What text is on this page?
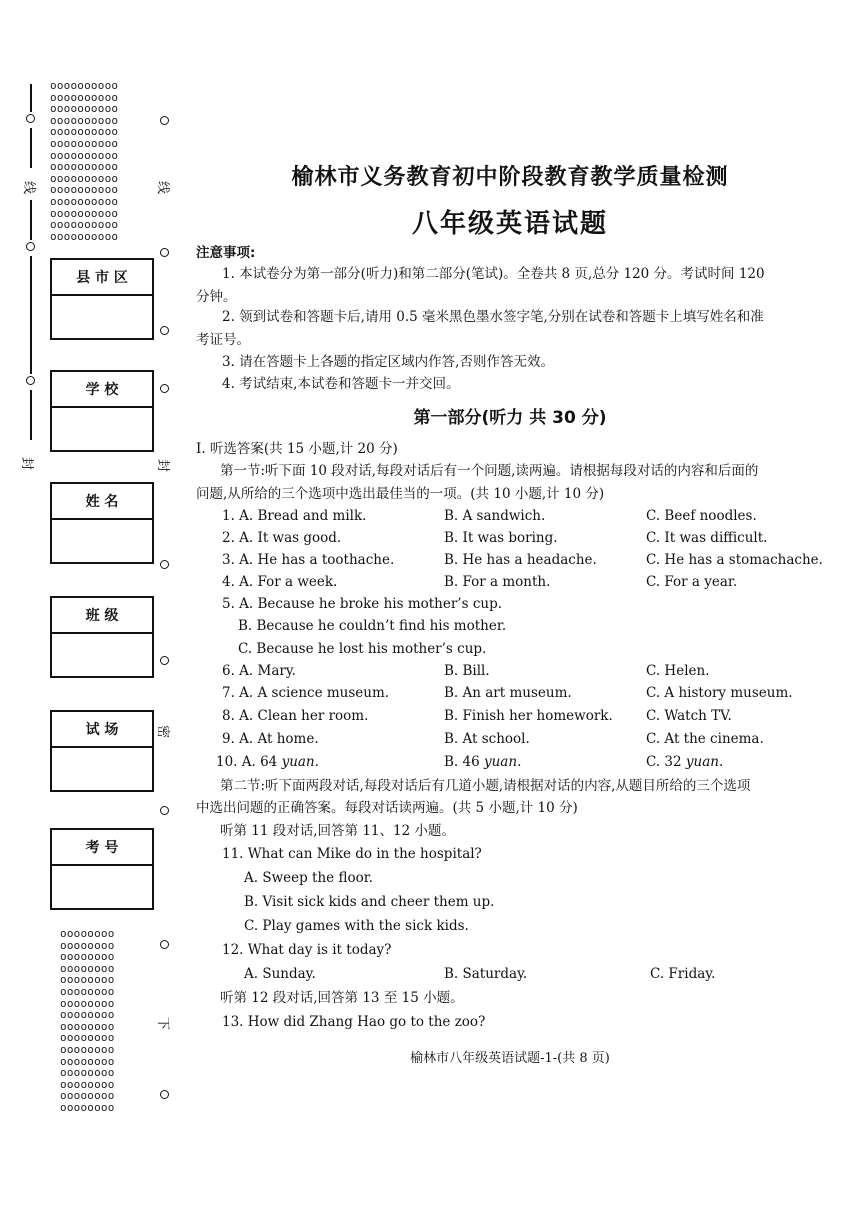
oooooooooo
oooooooooo
oooooooooo
oooooooooo
oooooooooo
oooooooooo
oooooooooo
oooooooooo
oooooooooo
oooooooooo
oooooooooo
oooooooooo
oooooooooo
oooooooooo
oooooooo
oooooooo
oooooooo
oooooooo
oooooooo
oooooooo
oooooooo
oooooooo
oooooooo
oooooooo
oooooooo
oooooooo
oooooooo
oooooooo
oooooooo
oooooooo
线
封
线
封
密
下
县 市 区
学 校
姓 名
班 级
试 场
考 号
榆林市义务教育初中阶段教育教学质量检测
八年级英语试题
注意事项:
1. 本试卷分为第一部分(听力)和第二部分(笔试)。全卷共 8 页,总分 120 分。考试时间 120
分钟。
2. 领到试卷和答题卡后,请用 0.5 毫米黑色墨水签字笔,分别在试卷和答题卡上填写姓名和准
考证号。
3. 请在答题卡上各题的指定区域内作答,否则作答无效。
4. 考试结束,本试卷和答题卡一并交回。
第一部分(听力 共 30 分)
Ⅰ. 听选答案(共 15 小题,计 20 分)
第一节:听下面 10 段对话,每段对话后有一个问题,读两遍。请根据每段对话的内容和后面的
问题,从所给的三个选项中选出最佳当的一项。(共 10 小题,计 10 分)
1. A. Bread and milk.	B. A sandwich.	C. Beef noodles.
2. A. It was good.	B. It was boring.	C. It was difficult.
3. A. He has a toothache.	B. He has a headache.	C. He has a stomachache.
4. A. For a week.	B. For a month.	C. For a year.
5. A. Because he broke his mother’s cup.
B. Because he couldn’t find his mother.
C. Because he lost his mother’s cup.
6. A. Mary.	B. Bill.	C. Helen.
7. A. A science museum.	B. An art museum.	C. A history museum.
8. A. Clean her room.	B. Finish her homework. C. Watch TV.
9. A. At home.	B. At school.	C. At the cinema.
10. A. 64 yuan.	B. 46 yuan.	C. 32 yuan.
第二节:听下面两段对话,每段对话后有几道小题,请根据对话的内容,从题目所给的三个选项
中选出问题的正确答案。每段对话读两遍。(共 5 小题,计 10 分)
听第 11 段对话,回答第 11、12 小题。
11. What can Mike do in the hospital?
A. Sweep the floor.
B. Visit sick kids and cheer them up.
C. Play games with the sick kids.
12. What day is it today?
A. Sunday.	B. Saturday.	C. Friday.
听第 12 段对话,回答第 13 至 15 小题。
13. How did Zhang Hao go to the zoo?
榆林市八年级英语试题-1-(共 8 页)
